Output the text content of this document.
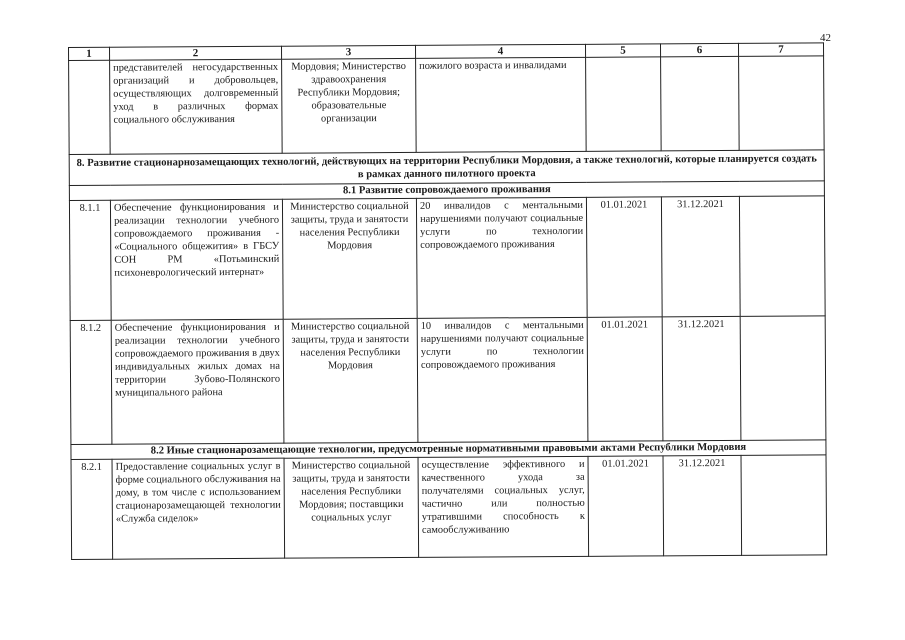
42
1	2	3	4	5	6	7
	представителей негосударственных организаций и добровольцев, осуществляющих долговременный уход в различных формах социального обслуживания	Мордовия; Министерство здравоохранения Республики Мордовия; образовательные организации	пожилого возраста и инвалидами			
8. Развитие стационарнозамещающих технологий, действующих на территории Республики Мордовия, а также технологий, которые планируется создать в рамках данного пилотного проекта						
8.1 Развитие сопровождаемого проживания						
8.1.1	Обеспечение функционирования и реализации технологии учебного сопровождаемого проживания - «Социального общежития» в ГБСУ СОН РМ «Потьминский психоневрологический интернат»	Министерство социальной защиты, труда и занятости населения Республики Мордовия	20 инвалидов с ментальными нарушениями получают социальные услуги по технологии сопровождаемого проживания	01.01.2021	31.12.2021	
8.1.2	Обеспечение функционирования и реализации технологии учебного сопровождаемого проживания в двух индивидуальных жилых домах на территории Зубово-Полянского муниципального района	Министерство социальной защиты, труда и занятости населения Республики Мордовия	10 инвалидов с ментальными нарушениями получают социальные услуги по технологии сопровождаемого проживания	01.01.2021	31.12.2021	
8.2 Иные стационарозамещающие технологии, предусмотренные нормативными правовыми актами Республики Мордовия						
8.2.1	Предоставление социальных услуг в форме социального обслуживания на дому, в том числе с использованием стационарозамещающей технологии «Служба сиделок»	Министерство социальной защиты, труда и занятости населения Республики Мордовия; поставщики социальных услуг	осуществление эффективного и качественного ухода за получателями социальных услуг, частично или полностью утратившими способность к самообслуживанию	01.01.2021	31.12.2021	
